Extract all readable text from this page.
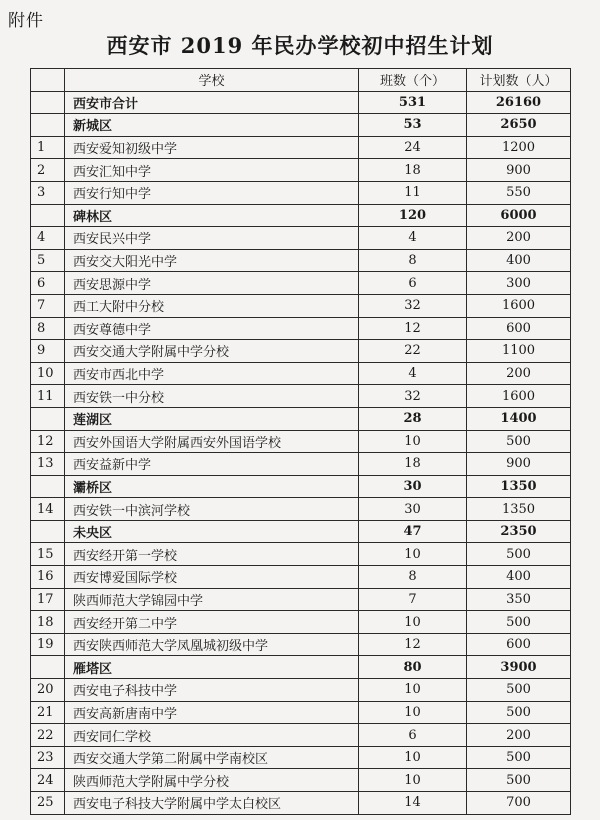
附件
西安市 2019 年民办学校初中招生计划
	学校	班数（个）	计划数（人）
	西安市合计	531	26160
	新城区	53	2650
1	西安爱知初级中学	24	1200
2	西安汇知中学	18	900
3	西安行知中学	11	550
	碑林区	120	6000
4	西安民兴中学	4	200
5	西安交大阳光中学	8	400
6	西安思源中学	6	300
7	西工大附中分校	32	1600
8	西安尊德中学	12	600
9	西安交通大学附属中学分校	22	1100
10	西安市西北中学	4	200
11	西安铁一中分校	32	1600
	莲湖区	28	1400
12	西安外国语大学附属西安外国语学校	10	500
13	西安益新中学	18	900
	灞桥区	30	1350
14	西安铁一中滨河学校	30	1350
	未央区	47	2350
15	西安经开第一学校	10	500
16	西安博爱国际学校	8	400
17	陕西师范大学锦园中学	7	350
18	西安经开第二中学	10	500
19	西安陕西师范大学凤凰城初级中学	12	600
	雁塔区	80	3900
20	西安电子科技中学	10	500
21	西安高新唐南中学	10	500
22	西安同仁学校	6	200
23	西安交通大学第二附属中学南校区	10	500
24	陕西师范大学附属中学分校	10	500
25	西安电子科技大学附属中学太白校区	14	700
